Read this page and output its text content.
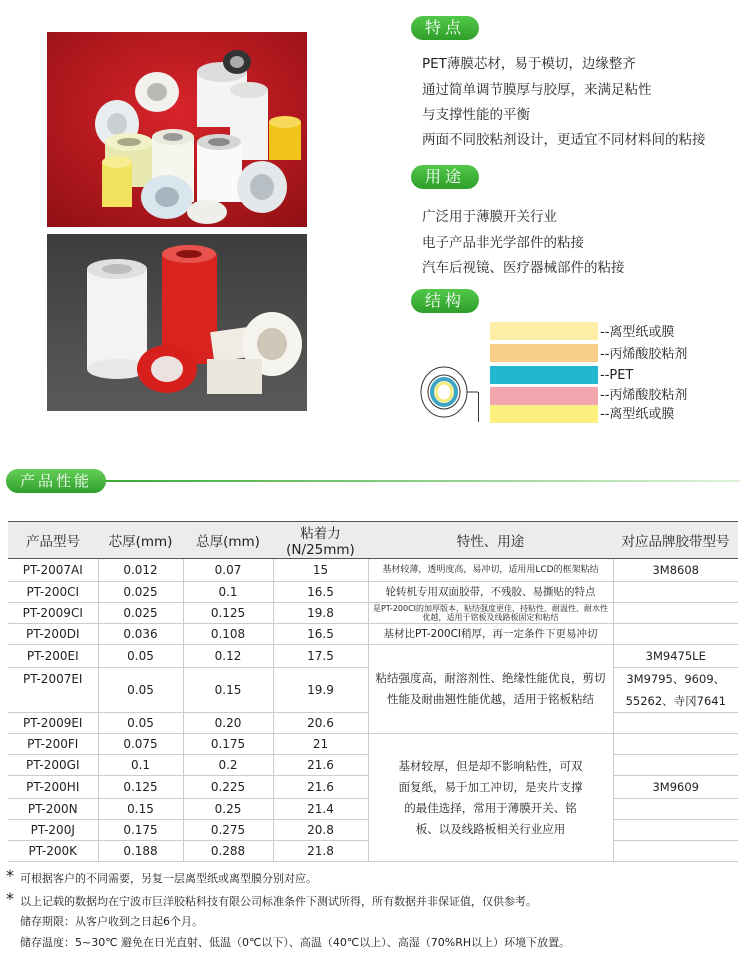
特点
PET薄膜芯材，易于模切，边缘整齐
通过简单调节膜厚与胶厚，来满足粘性
与支撑性能的平衡
两面不同胶粘剂设计，更适宜不同材料间的粘接
用途
广泛用于薄膜开关行业
电子产品非光学部件的粘接
汽车后视镜、医疗器械部件的粘接
结构
--离型纸或膜
--丙烯酸胶粘剂
--PET
--丙烯酸胶粘剂
--离型纸或膜
产品性能
产品型号	芯厚(mm)	总厚(mm)	粘着力(N/25mm)	特性、用途	对应品牌胶带型号
PT-2007AI	0.012	0.07	15	基材较薄，透明度高，易冲切，适用用LCD的框架粘结	3M8608
PT-200CI	0.025	0.1	16.5	轮转机专用双面胶带，不残胶、易撕贴的特点	
PT-2009CI	0.025	0.125	19.8	是PT-200CI的加厚版本，粘结强度更佳，持粘性、耐温性、耐水性优越，适用于铭板及线路板固定和粘结	
PT-200DI	0.036	0.108	16.5	基材比PT-200CI稍厚，再一定条件下更易冲切	
PT-200EI	0.05	0.12	17.5	粘结强度高，耐溶剂性、绝缘性能优良，剪切性能及耐曲翘性能优越，适用于铭板粘结	3M9475LE
PT-2007EI	0.05	0.15	19.9		3M9795、9609、55262、寺冈7641
PT-2009EI	0.05	0.20	20.6		
PT-200FI	0.075	0.175	21	基材较厚，但是却不影响粘性，可双面复纸，易于加工冲切，是夹片支撑的最佳选择，常用于薄膜开关、铭板、以及线路板相关行业应用	
PT-200GI	0.1	0.2	21.6		
PT-200HI	0.125	0.225	21.6		3M9609
PT-200N	0.15	0.25	21.4		
PT-200J	0.175	0.275	20.8		
PT-200K	0.188	0.288	21.8		
* 可根据客户的不同需要，另复一层离型纸或离型膜分别对应。
* 以上记载的数据均在宁波市巨洋胶粘科技有限公司标准条件下测试所得，所有数据并非保证值，仅供参考。
储存期限：从客户收到之日起6个月。
储存温度：5~30℃ 避免在日光直射、低温（0℃以下）、高温（40℃以上）、高湿（70%RH以上）环境下放置。
